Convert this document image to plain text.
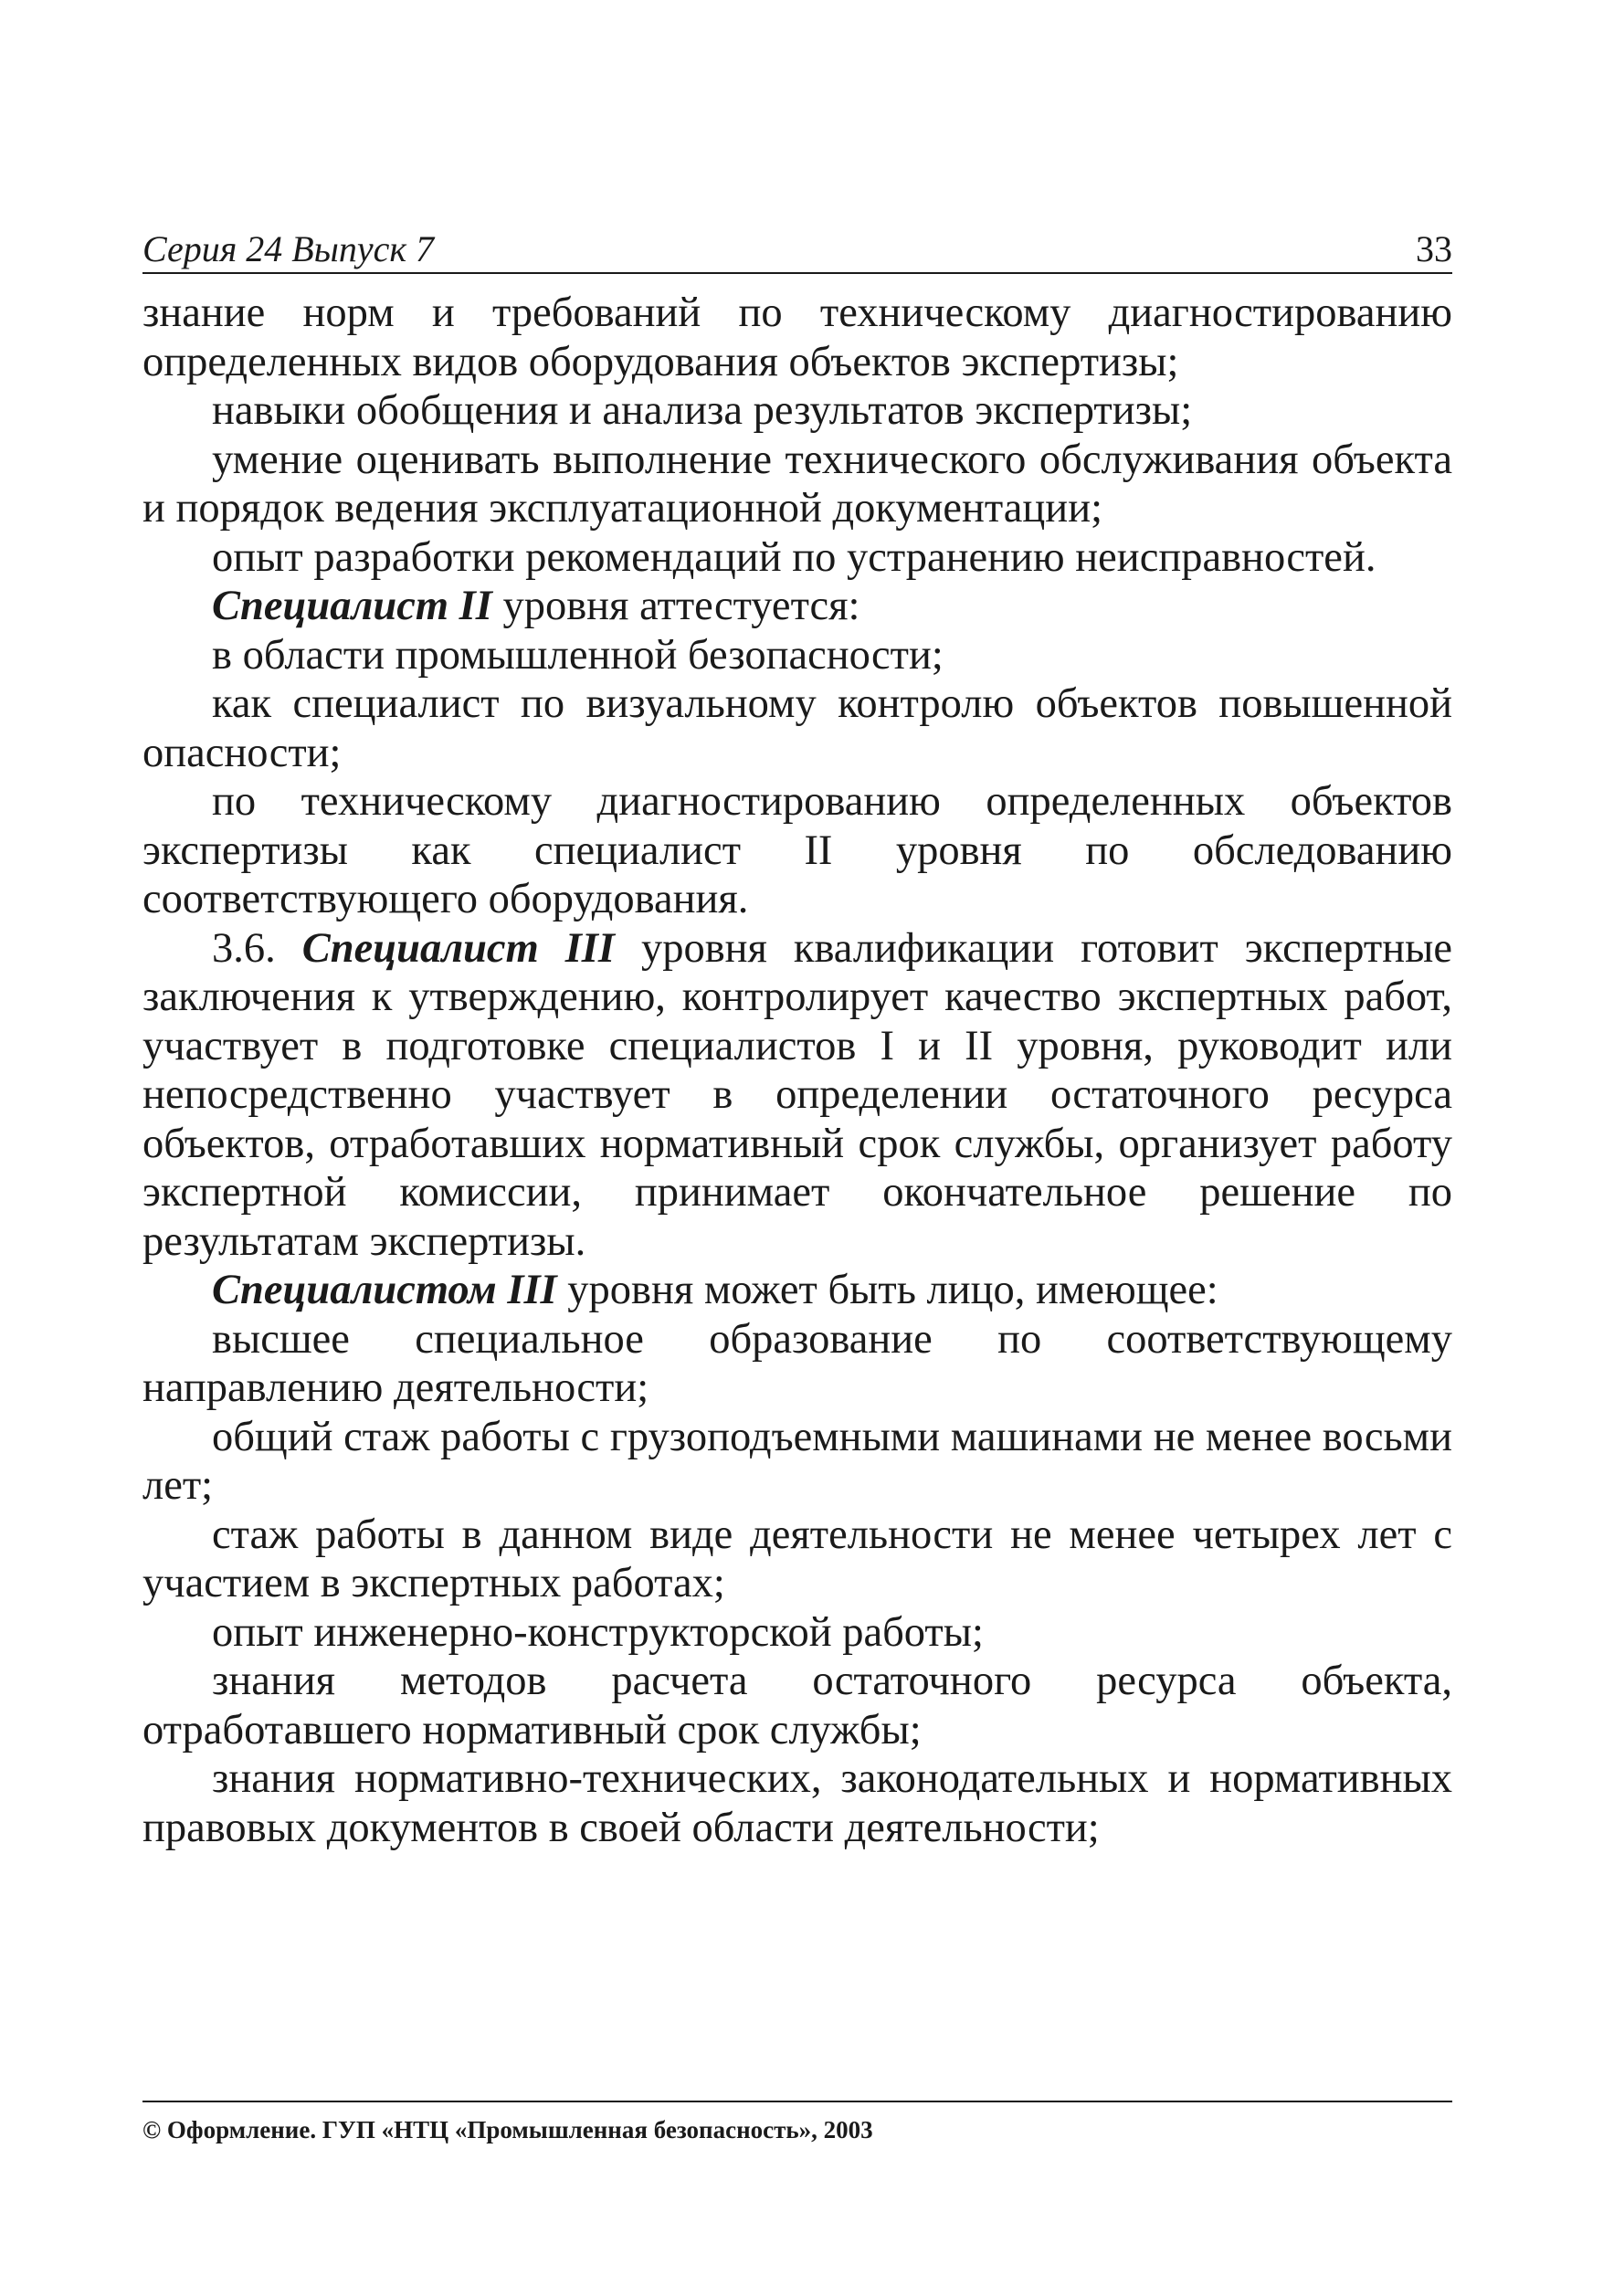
Серия 24 Выпуск 7	33

знание норм и требований по техническому диагностированию определенных видов оборудования объектов экспертизы;

навыки обобщения и анализа результатов экспертизы;

умение оценивать выполнение технического обслуживания объекта и порядок ведения эксплуатационной документации;

опыт разработки рекомендаций по устранению неисправностей.

Специалист II уровня аттестуется:

в области промышленной безопасности;

как специалист по визуальному контролю объектов повышенной опасности;

по техническому диагностированию определенных объектов экспертизы как специалист II уровня по обследованию соответствующего оборудования.

3.6. Специалист III уровня квалификации готовит экспертные заключения к утверждению, контролирует качество экспертных работ, участвует в подготовке специалистов I и II уровня, руководит или непосредственно участвует в определении остаточного ресурса объектов, отработавших нормативный срок службы, организует работу экспертной комиссии, принимает окончательное решение по результатам экспертизы.

Специалистом III уровня может быть лицо, имеющее:

высшее специальное образование по соответствующему направлению деятельности;

общий стаж работы с грузоподъемными машинами не менее восьми лет;

стаж работы в данном виде деятельности не менее четырех лет с участием в экспертных работах;

опыт инженерно-конструкторской работы;

знания методов расчета остаточного ресурса объекта, отработавшего нормативный срок службы;

знания нормативно-технических, законодательных и нормативных правовых документов в своей области деятельности;

© Оформление. ГУП «НТЦ «Промышленная безопасность», 2003
